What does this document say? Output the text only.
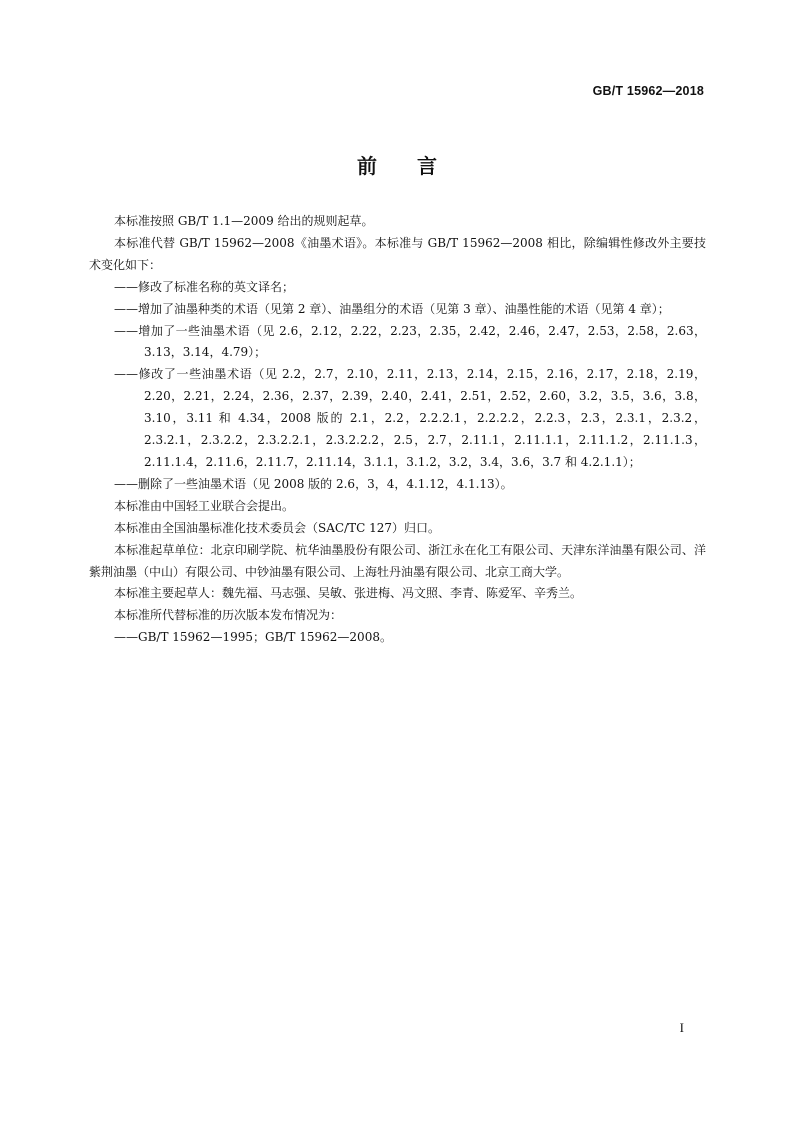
GB/T 15962—2018
前　　言

本标准按照 GB/T 1.1—2009 给出的规则起草。

本标准代替 GB/T 15962—2008《油墨术语》。本标准与 GB/T 15962—2008 相比，除编辑性修改外主要技术变化如下：

——修改了标准名称的英文译名；

——增加了油墨种类的术语（见第 2 章）、油墨组分的术语（见第 3 章）、油墨性能的术语（见第 4 章）；

——增加了一些油墨术语（见 2.6，2.12，2.22，2.23，2.35，2.42，2.46，2.47，2.53，2.58，2.63，3.13，3.14，4.79）；

——修改了一些油墨术语（见 2.2，2.7，2.10，2.11，2.13，2.14，2.15，2.16，2.17，2.18，2.19，2.20，2.21，2.24，2.36，2.37，2.39，2.40，2.41，2.51，2.52，2.60，3.2，3.5，3.6，3.8，3.10，3.11 和 4.34，2008 版的 2.1，2.2，2.2.2.1，2.2.2.2，2.2.3，2.3，2.3.1，2.3.2，2.3.2.1，2.3.2.2，2.3.2.2.1，2.3.2.2.2，2.5，2.7，2.11.1，2.11.1.1，2.11.1.2，2.11.1.3，2.11.1.4，2.11.6，2.11.7，2.11.14，3.1.1，3.1.2，3.2，3.4，3.6，3.7 和 4.2.1.1）；

——删除了一些油墨术语（见 2008 版的 2.6，3，4，4.1.12，4.1.13）。

本标准由中国轻工业联合会提出。

本标准由全国油墨标准化技术委员会（SAC/TC 127）归口。

本标准起草单位：北京印刷学院、杭华油墨股份有限公司、浙江永在化工有限公司、天津东洋油墨有限公司、洋紫荆油墨（中山）有限公司、中钞油墨有限公司、上海牡丹油墨有限公司、北京工商大学。

本标准主要起草人：魏先福、马志强、吴敏、张进梅、冯文照、李青、陈爱军、辛秀兰。

本标准所代替标准的历次版本发布情况为：

——GB/T 15962—1995；GB/T 15962—2008。

I
